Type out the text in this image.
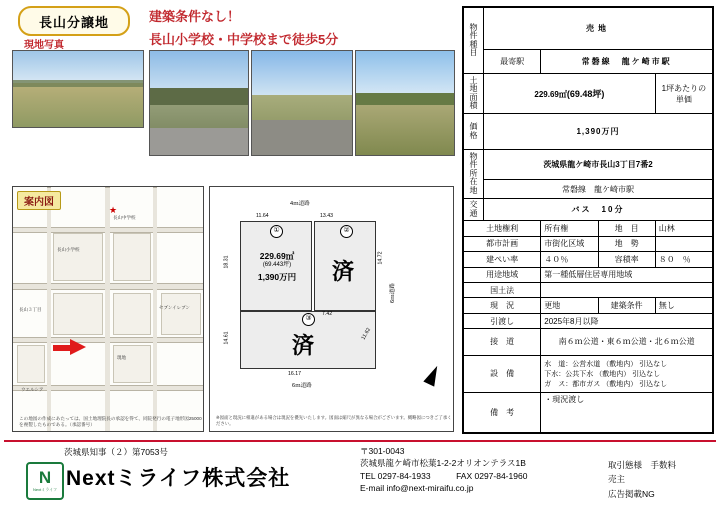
長山分譲地
現地写真
建築条件なし！
長山小学校・中学校まで徒歩5分
案内図
★
長山中学校
長山小学校
セブンイレブン
ウエルシア
長山３丁目
現地
この地図の作成にあたっては、国土地理院長の承認を得て、同院発行の電子地形図25000を複製したものである。（承認番号）
4ｍ道路
11.64	13.43
①
229.69㎡
(69.443坪)
1,390万円
18.31
②
済
14.72
③
済
7.42
14.61	11.62
16.17
6ｍ道路
6ｍ道路
※図面と現況に相違がある場合は現況を優先いたします。図面は縮尺が異なる場合がございます。概略図につきご了承ください。
物件種目	売地			
	最寄駅	常磐線　龍ケ崎市駅		
土地面積	229.69㎡(69.48坪)			1坪あたりの単価
価格	1,390万円			
物件所在地	茨城県龍ケ崎市長山3丁目7番2			
	常磐線　龍ケ崎市駅			
交通	バス　10分			
土地権利		所有権	地　目	山林
都市計画		市街化区域	地　勢	
建ぺい率		４０％	容積率	８０　％
用途地域		第一種低層住居専用地域		
国土法				
現　況		更地	建築条件	無し
引渡し		2025年8月以降		
接　道		南６ｍ公道・東６ｍ公道・北６ｍ公道		
設　備		水　道：公営水道 （敷地内） 引込なし
下水：公共下水 （敷地内） 引込なし
ガ　ス：都市ガス （敷地内） 引込なし		

備　考		・現況渡し		
茨城県知事（２）第7053号
N
Nextミライフ Nextミライフ株式会社
〒301-0043
茨城県龍ケ崎市松葉1-2-2オリオンテラス1B
TEL 0297-84-1933　　　FAX 0297-84-1960
E-mail info@next-miraifu.co.jp
取引態様　手数料
売主
広告掲載NG
